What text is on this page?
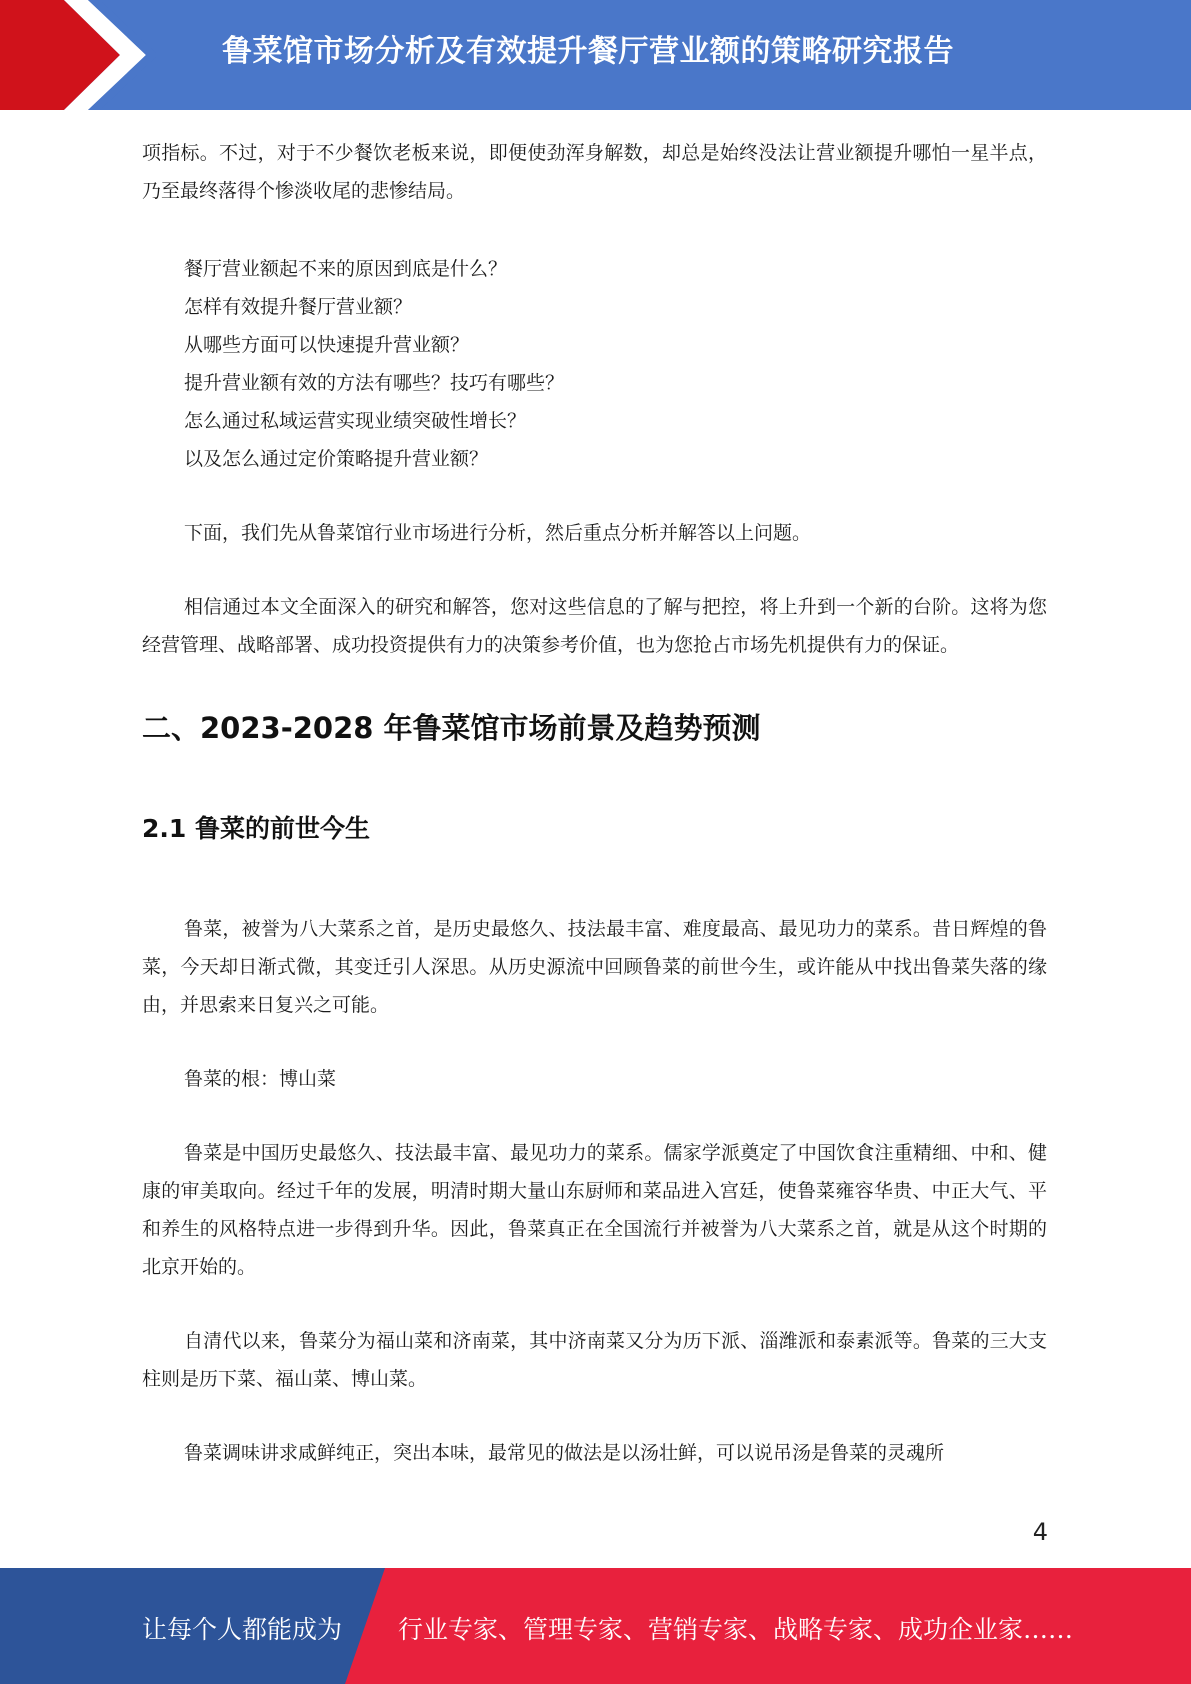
鲁菜馆市场分析及有效提升餐厅营业额的策略研究报告

项指标。不过，对于不少餐饮老板来说，即便使劲浑身解数，却总是始终没法让营业额提升哪怕一星半点，乃至最终落得个惨淡收尾的悲惨结局。

餐厅营业额起不来的原因到底是什么？
怎样有效提升餐厅营业额？
从哪些方面可以快速提升营业额？
提升营业额有效的方法有哪些？技巧有哪些？
怎么通过私域运营实现业绩突破性增长？
以及怎么通过定价策略提升营业额？

下面，我们先从鲁菜馆行业市场进行分析，然后重点分析并解答以上问题。

相信通过本文全面深入的研究和解答，您对这些信息的了解与把控，将上升到一个新的台阶。这将为您经营管理、战略部署、成功投资提供有力的决策参考价值，也为您抢占市场先机提供有力的保证。

二、2023-2028 年鲁菜馆市场前景及趋势预测
2.1 鲁菜的前世今生

鲁菜，被誉为八大菜系之首，是历史最悠久、技法最丰富、难度最高、最见功力的菜系。昔日辉煌的鲁菜，今天却日渐式微，其变迁引人深思。从历史源流中回顾鲁菜的前世今生，或许能从中找出鲁菜失落的缘由，并思索来日复兴之可能。

鲁菜的根：博山菜

鲁菜是中国历史最悠久、技法最丰富、最见功力的菜系。儒家学派奠定了中国饮食注重精细、中和、健康的审美取向。经过千年的发展，明清时期大量山东厨师和菜品进入宫廷，使鲁菜雍容华贵、中正大气、平和养生的风格特点进一步得到升华。因此，鲁菜真正在全国流行并被誉为八大菜系之首，就是从这个时期的北京开始的。

自清代以来，鲁菜分为福山菜和济南菜，其中济南菜又分为历下派、淄潍派和泰素派等。鲁菜的三大支柱则是历下菜、福山菜、博山菜。

鲁菜调味讲求咸鲜纯正，突出本味，最常见的做法是以汤壮鲜，可以说吊汤是鲁菜的灵魂所

4
让每个人都能成为 行业专家、管理专家、营销专家、战略专家、成功企业家……
